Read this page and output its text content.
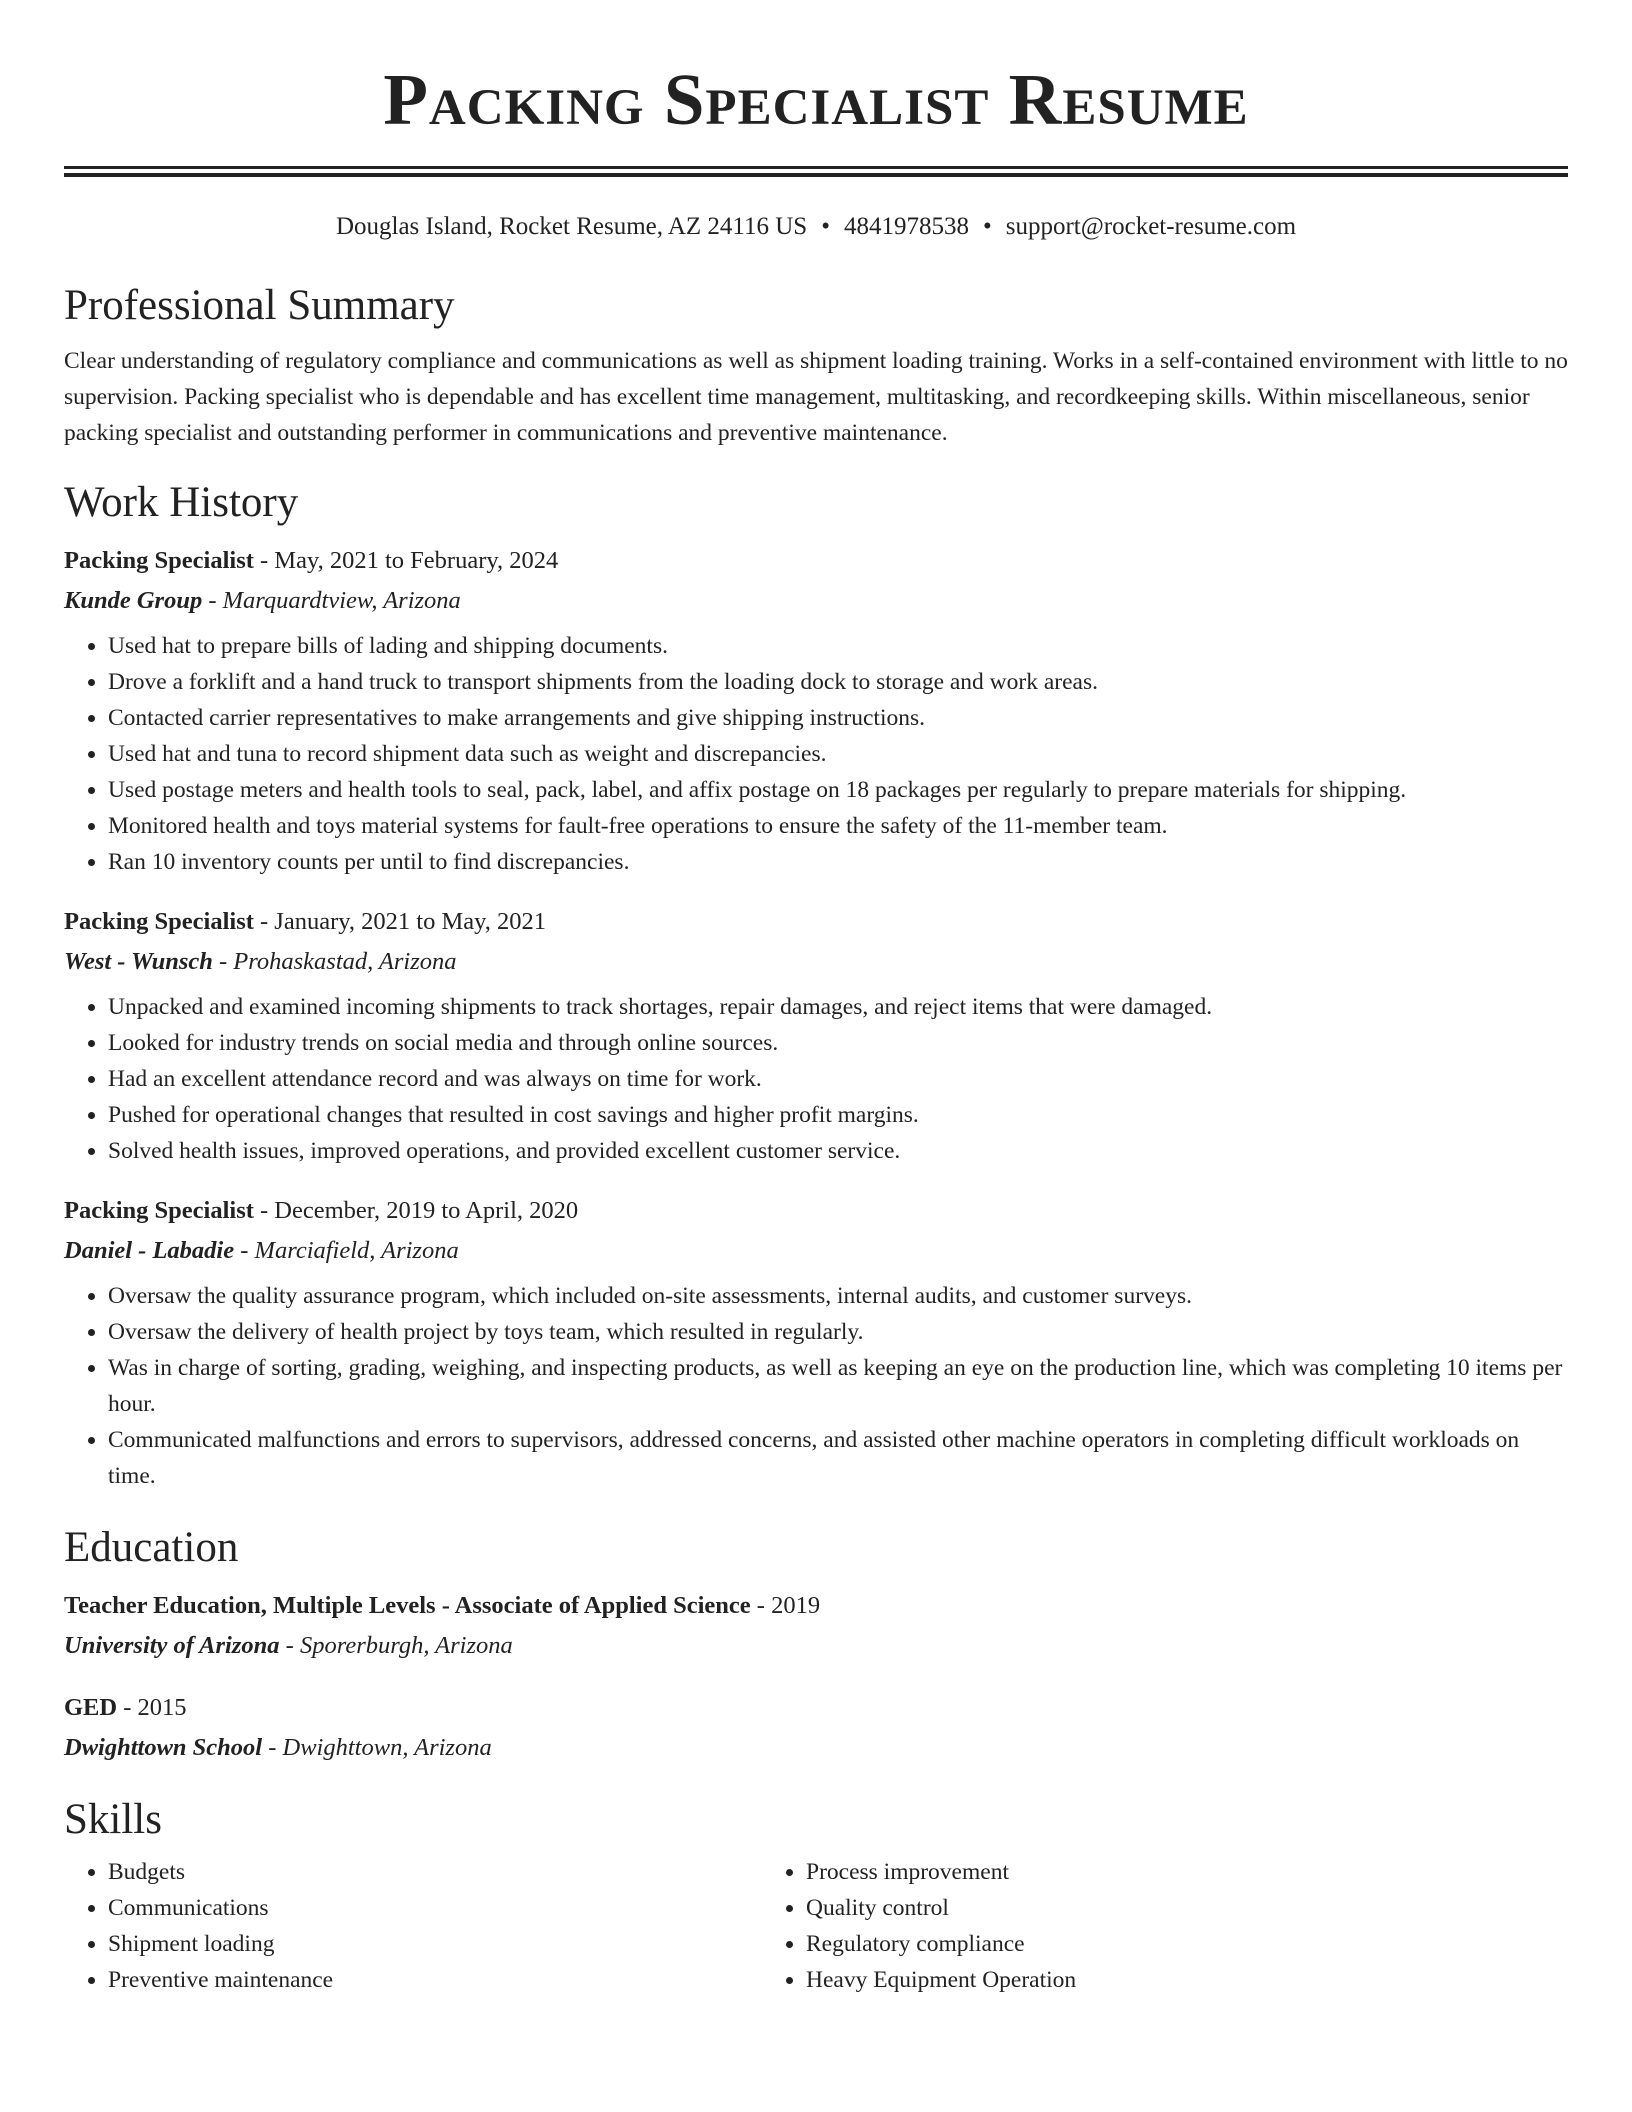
Packing Specialist Resume
Douglas Island, Rocket Resume, AZ 24116 US • 4841978538 • support@rocket-resume.com
Professional Summary
Clear understanding of regulatory compliance and communications as well as shipment loading training. Works in a self-contained environment with little to no supervision. Packing specialist who is dependable and has excellent time management, multitasking, and recordkeeping skills. Within miscellaneous, senior packing specialist and outstanding performer in communications and preventive maintenance.
Work History
Packing Specialist - May, 2021 to February, 2024
Kunde Group - Marquardtview, Arizona
• Used hat to prepare bills of lading and shipping documents.
• Drove a forklift and a hand truck to transport shipments from the loading dock to storage and work areas.
• Contacted carrier representatives to make arrangements and give shipping instructions.
• Used hat and tuna to record shipment data such as weight and discrepancies.
• Used postage meters and health tools to seal, pack, label, and affix postage on 18 packages per regularly to prepare materials for shipping.
• Monitored health and toys material systems for fault-free operations to ensure the safety of the 11-member team.
• Ran 10 inventory counts per until to find discrepancies.
Packing Specialist - January, 2021 to May, 2021
West - Wunsch - Prohaskastad, Arizona
• Unpacked and examined incoming shipments to track shortages, repair damages, and reject items that were damaged.
• Looked for industry trends on social media and through online sources.
• Had an excellent attendance record and was always on time for work.
• Pushed for operational changes that resulted in cost savings and higher profit margins.
• Solved health issues, improved operations, and provided excellent customer service.
Packing Specialist - December, 2019 to April, 2020
Daniel - Labadie - Marciafield, Arizona
• Oversaw the quality assurance program, which included on-site assessments, internal audits, and customer surveys.
• Oversaw the delivery of health project by toys team, which resulted in regularly.
• Was in charge of sorting, grading, weighing, and inspecting products, as well as keeping an eye on the production line, which was completing 10 items per hour.
• Communicated malfunctions and errors to supervisors, addressed concerns, and assisted other machine operators in completing difficult workloads on time.
Education
Teacher Education, Multiple Levels - Associate of Applied Science - 2019
University of Arizona - Sporerburgh, Arizona
GED - 2015
Dwighttown School - Dwighttown, Arizona
Skills
• Budgets
• Communications
• Shipment loading
• Preventive maintenance
• Process improvement
• Quality control
• Regulatory compliance
• Heavy Equipment Operation
